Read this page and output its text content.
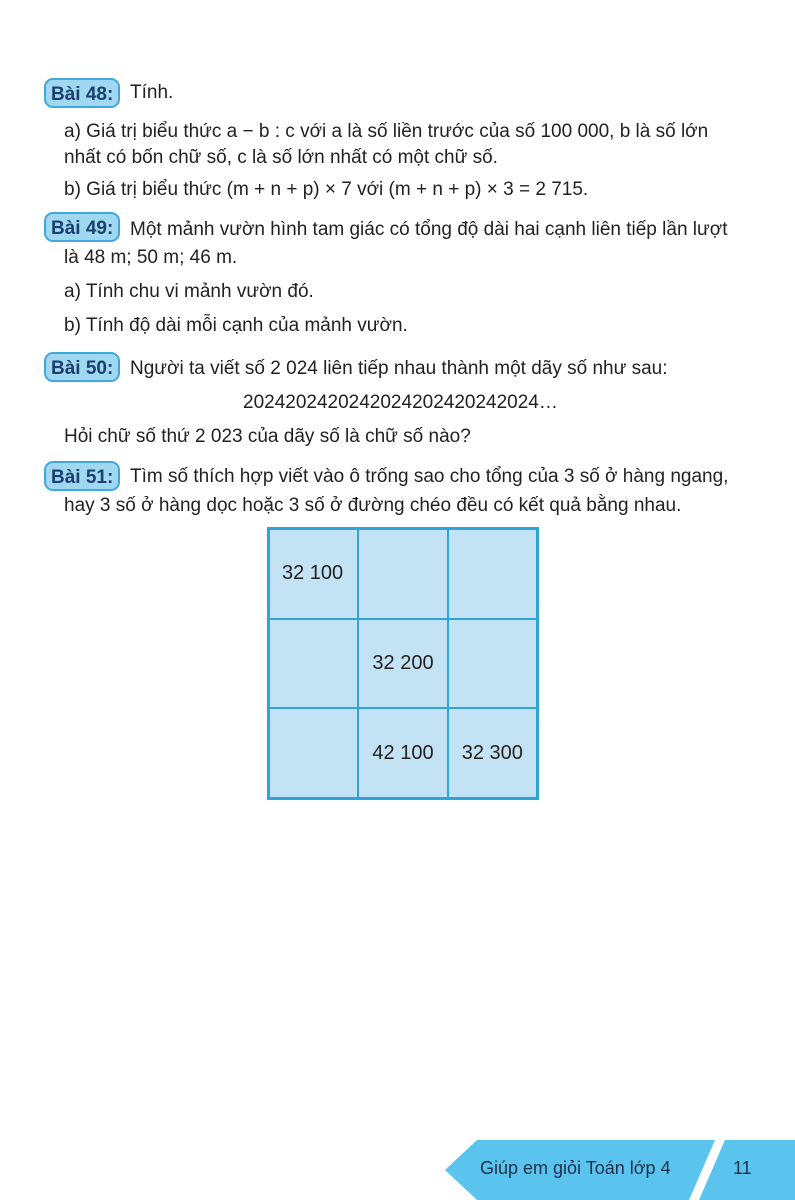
Bài 48: Tính.
a) Giá trị biểu thức a − b : c với a là số liền trước của số 100 000, b là số lớn
nhất có bốn chữ số, c là số lớn nhất có một chữ số.
b) Giá trị biểu thức (m + n + p) × 7 với (m + n + p) × 3 = 2 715.
Bài 49: Một mảnh vườn hình tam giác có tổng độ dài hai cạnh liên tiếp lần lượt
là 48 m; 50 m; 46 m.
a) Tính chu vi mảnh vườn đó.
b) Tính độ dài mỗi cạnh của mảnh vườn.
Bài 50: Người ta viết số 2 024 liên tiếp nhau thành một dãy số như sau:
2024202420242024202420242024…
Hỏi chữ số thứ 2 023 của dãy số là chữ số nào?
Bài 51: Tìm số thích hợp viết vào ô trống sao cho tổng của 3 số ở hàng ngang,
hay 3 số ở hàng dọc hoặc 3 số ở đường chéo đều có kết quả bằng nhau.
32 100
32 200
42 100	32 300
Giúp em giỏi Toán lớp 4	11
